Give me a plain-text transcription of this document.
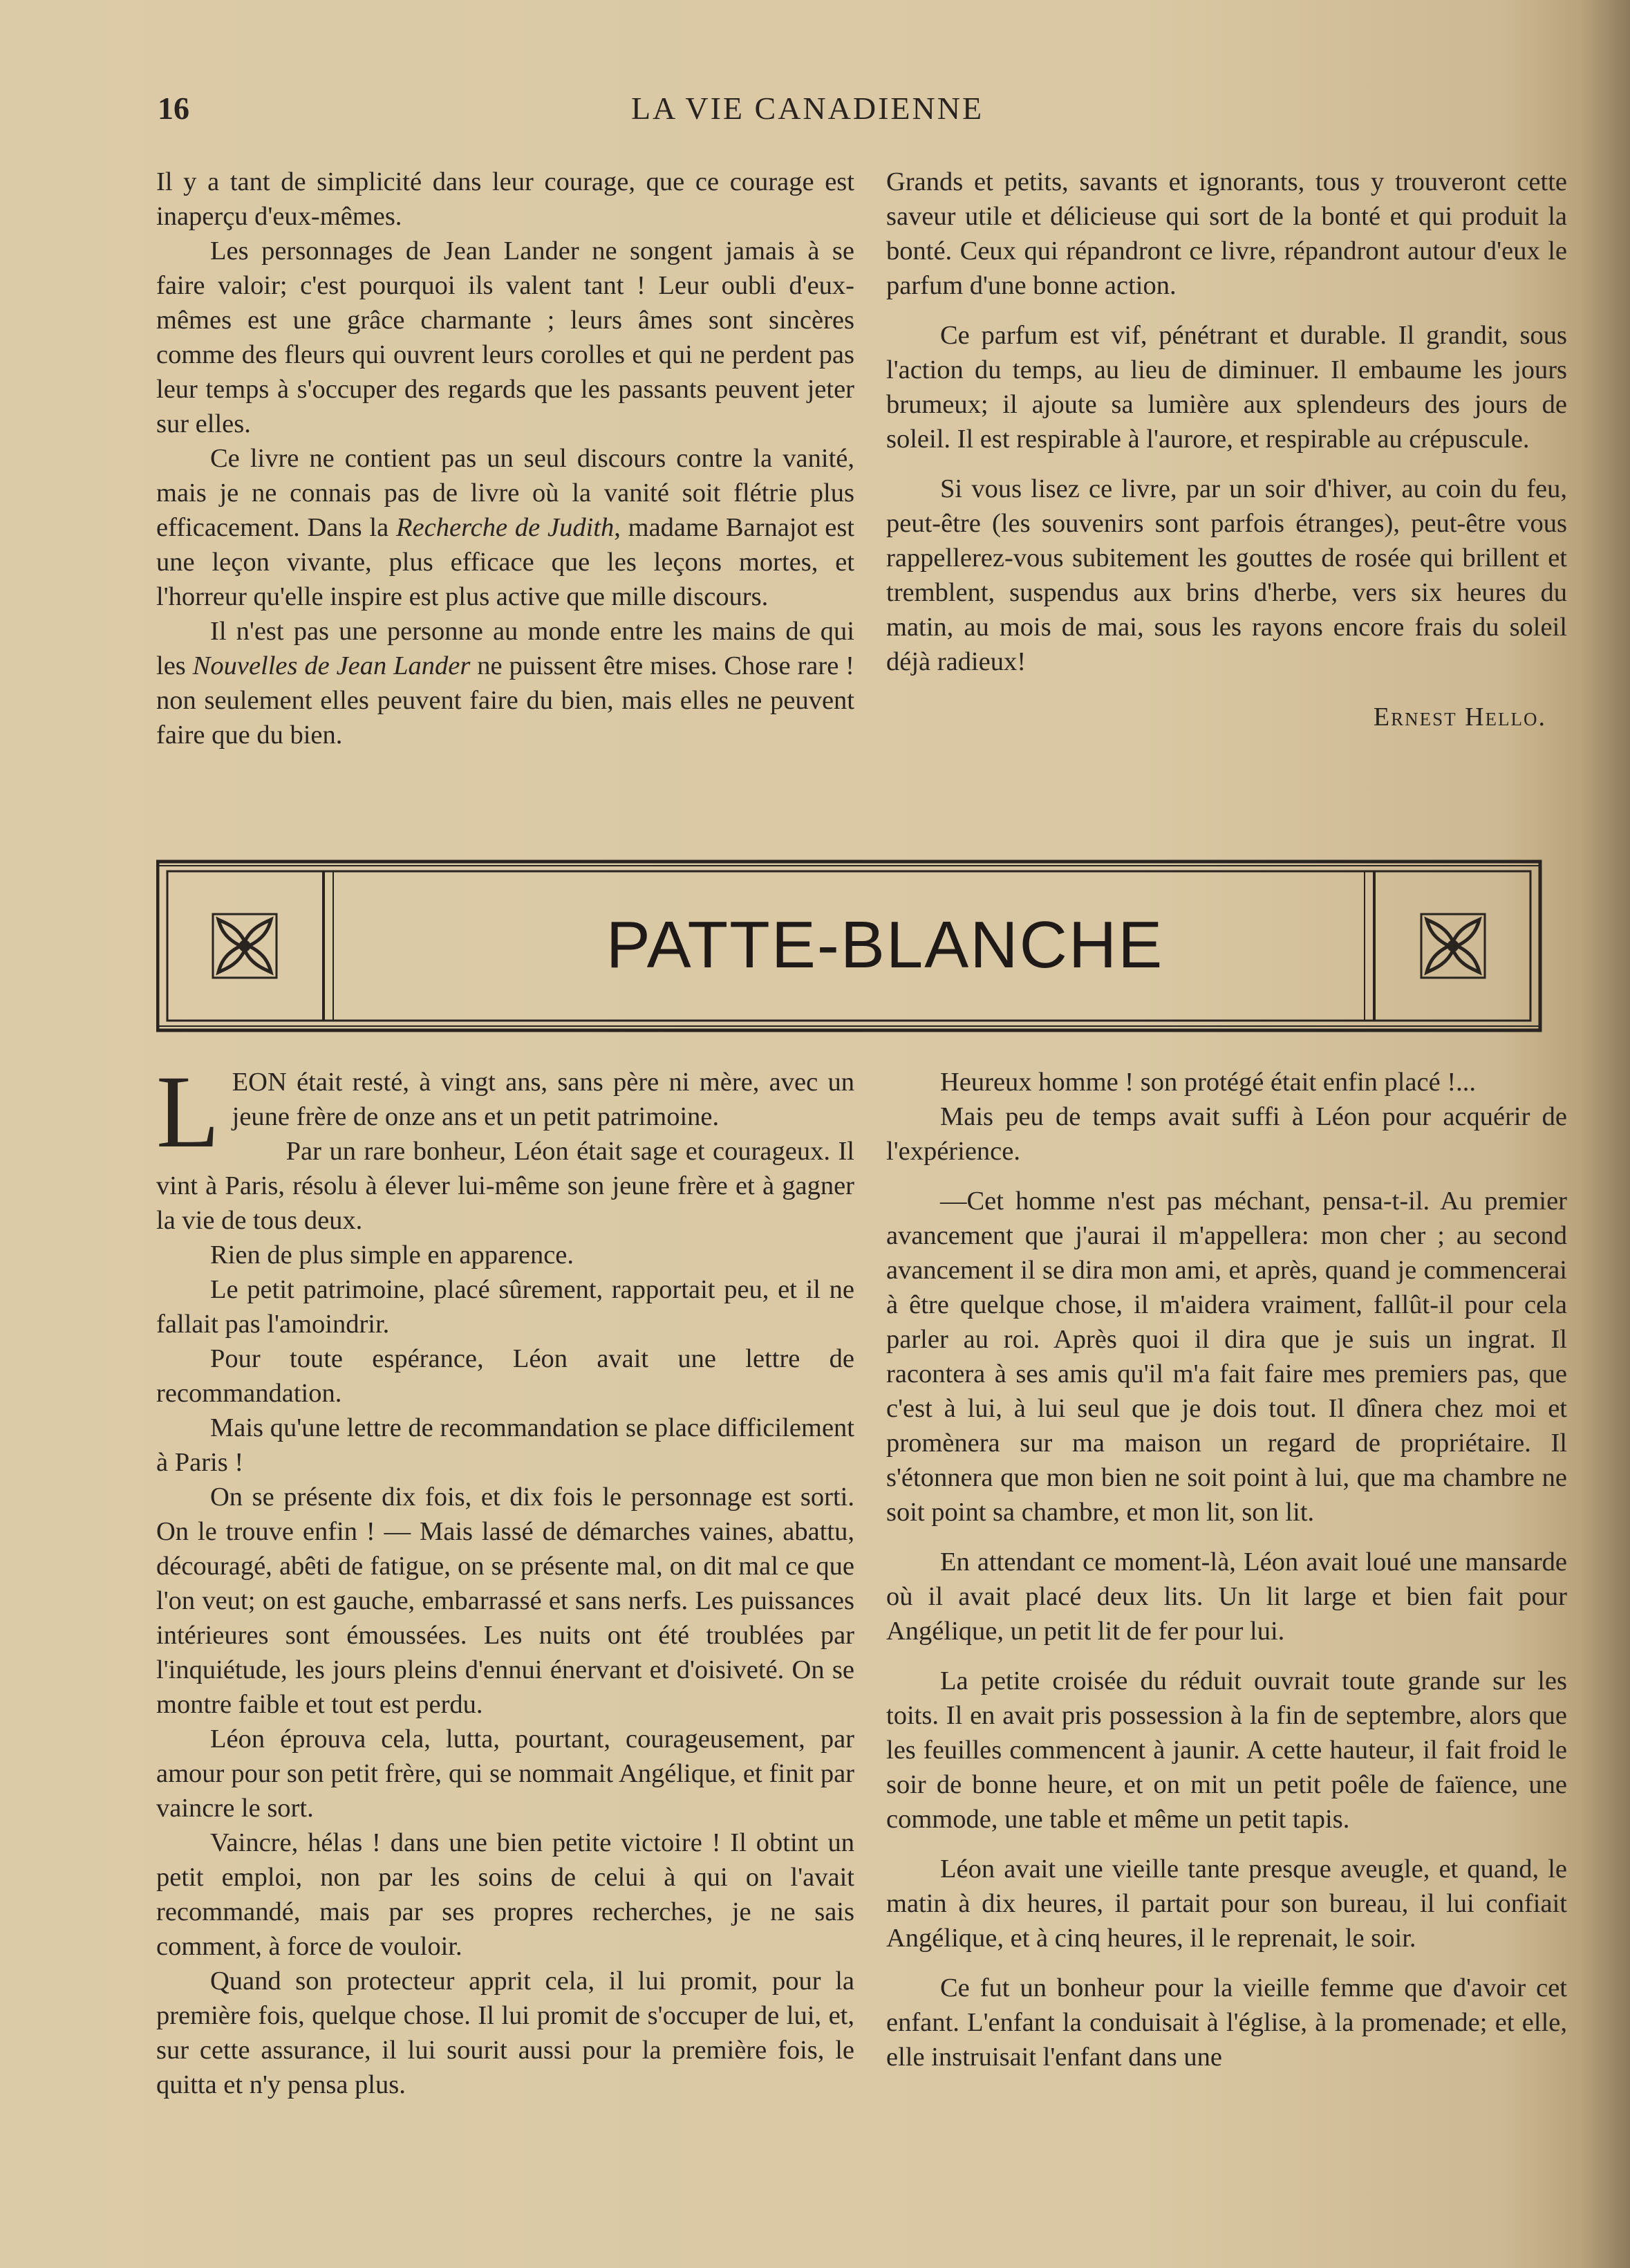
16	LA VIE CANADIENNE

Il y a tant de simplicité dans leur courage, que ce courage est inaperçu d'eux-mêmes.

Les personnages de Jean Lander ne songent jamais à se faire valoir; c'est pourquoi ils valent tant ! Leur oubli d'eux-mêmes est une grâce charmante ; leurs âmes sont sincères comme des fleurs qui ouvrent leurs corolles et qui ne perdent pas leur temps à s'occuper des regards que les passants peuvent jeter sur elles.

Ce livre ne contient pas un seul discours contre la vanité, mais je ne connais pas de livre où la vanité soit flétrie plus efficacement. Dans la Recherche de Judith, madame Barnajot est une leçon vivante, plus efficace que les leçons mortes, et l'horreur qu'elle inspire est plus active que mille discours.

Il n'est pas une personne au monde entre les mains de qui les Nouvelles de Jean Lander ne puissent être mises. Chose rare ! non seulement elles peuvent faire du bien, mais elles ne peuvent faire que du bien.

Grands et petits, savants et ignorants, tous y trouveront cette saveur utile et délicieuse qui sort de la bonté et qui produit la bonté. Ceux qui répandront ce livre, répandront autour d'eux le parfum d'une bonne action.

Ce parfum est vif, pénétrant et durable. Il grandit, sous l'action du temps, au lieu de diminuer. Il embaume les jours brumeux; il ajoute sa lumière aux splendeurs des jours de soleil. Il est respirable à l'aurore, et respirable au crépuscule.

Si vous lisez ce livre, par un soir d'hiver, au coin du feu, peut-être (les souvenirs sont parfois étranges), peut-être vous rappellerez-vous subitement les gouttes de rosée qui brillent et tremblent, suspendus aux brins d'herbe, vers six heures du matin, au mois de mai, sous les rayons encore frais du soleil déjà radieux!

Ernest Hello.
PATTE-BLANCHE

LEON était resté, à vingt ans, sans père ni mère, avec un jeune frère de onze ans et un petit patrimoine.

Par un rare bonheur, Léon était sage et courageux. Il vint à Paris, résolu à élever lui-même son jeune frère et à gagner la vie de tous deux.

Rien de plus simple en apparence.

Le petit patrimoine, placé sûrement, rapportait peu, et il ne fallait pas l'amoindrir.

Pour toute espérance, Léon avait une lettre de recommandation.

Mais qu'une lettre de recommandation se place difficilement à Paris !

On se présente dix fois, et dix fois le personnage est sorti. On le trouve enfin ! — Mais lassé de démarches vaines, abattu, découragé, abêti de fatigue, on se présente mal, on dit mal ce que l'on veut; on est gauche, embarrassé et sans nerfs. Les puissances intérieures sont émoussées. Les nuits ont été troublées par l'inquiétude, les jours pleins d'ennui énervant et d'oisiveté. On se montre faible et tout est perdu.

Léon éprouva cela, lutta, pourtant, courageusement, par amour pour son petit frère, qui se nommait Angélique, et finit par vaincre le sort.

Vaincre, hélas ! dans une bien petite victoire ! Il obtint un petit emploi, non par les soins de celui à qui on l'avait recommandé, mais par ses propres recherches, je ne sais comment, à force de vouloir.

Quand son protecteur apprit cela, il lui promit, pour la première fois, quelque chose. Il lui promit de s'occuper de lui, et, sur cette assurance, il lui sourit aussi pour la première fois, le quitta et n'y pensa plus.

Heureux homme ! son protégé était enfin placé !...

Mais peu de temps avait suffi à Léon pour acquérir de l'expérience.

—Cet homme n'est pas méchant, pensa-t-il. Au premier avancement que j'aurai il m'appellera: mon cher ; au second avancement il se dira mon ami, et après, quand je commencerai à être quelque chose, il m'aidera vraiment, fallût-il pour cela parler au roi. Après quoi il dira que je suis un ingrat. Il racontera à ses amis qu'il m'a fait faire mes premiers pas, que c'est à lui, à lui seul que je dois tout. Il dînera chez moi et promènera sur ma maison un regard de propriétaire. Il s'étonnera que mon bien ne soit point à lui, que ma chambre ne soit point sa chambre, et mon lit, son lit.

En attendant ce moment-là, Léon avait loué une mansarde où il avait placé deux lits. Un lit large et bien fait pour Angélique, un petit lit de fer pour lui.

La petite croisée du réduit ouvrait toute grande sur les toits. Il en avait pris possession à la fin de septembre, alors que les feuilles commencent à jaunir. A cette hauteur, il fait froid le soir de bonne heure, et on mit un petit poêle de faïence, une commode, une table et même un petit tapis.

Léon avait une vieille tante presque aveugle, et quand, le matin à dix heures, il partait pour son bureau, il lui confiait Angélique, et à cinq heures, il le reprenait, le soir.

Ce fut un bonheur pour la vieille femme que d'avoir cet enfant. L'enfant la conduisait à l'église, à la promenade; et elle, elle instruisait l'enfant dans une
